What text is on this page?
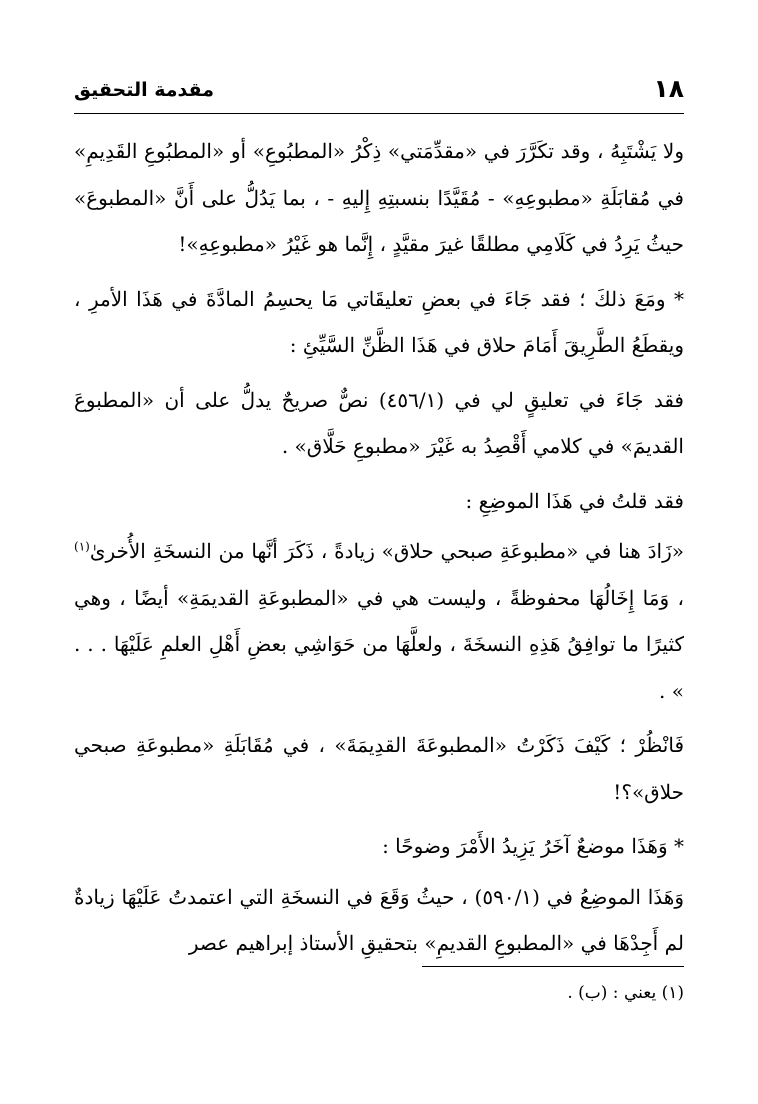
١٨
مقدمة التحقيق

ولا يَشْتَبِهُ ، وقد تكَرَّرَ في «مقدِّمَتي» ذِكْرُ «المطبُوعِ» أو «المطبُوعِ القَدِيمِ» في مُقابَلَةِ «مطبوعِهِ» - مُقَيَّدًا بنسبتِهِ إِليهِ - ، بما يَدُلُّ على أَنَّ «المطبوعَ» حيثُ يَرِدُ في كَلَامِي مطلقًا غيرَ مقيَّدٍ ، إِنَّما هو غَيْرُ «مطبوعِهِ»!

* ومَعَ ذلكَ ؛ فقد جَاءَ في بعضِ تعليقَاتي مَا يحسِمُ المادَّةَ في هَذَا الأمرِ ، ويقطَعُ الطَّرِيقَ أَمَامَ حلاق في هَذَا الظَّنِّ السَّيِّئِ :

فقد جَاءَ في تعليقٍ لي في (٤٥٦/١) نصٌّ صريحٌ يدلُّ على أن «المطبوعَ القديمَ» في كلامي أَقْصِدُ به غَيْرَ «مطبوعِ حَلَّاق» .

فقد قلتُ في هَذَا الموضِعِ :

«زَادَ هنا في «مطبوعَةِ صبحي حلاق» زيادةً ، ذَكَرَ أنَّها من النسخَةِ الأُخرىٰ$^{(١)}$ ، وَمَا إِخَالُهَا محفوظةً ، وليست هي في «المطبوعَةِ القديمَةِ» أيضًا ، وهي كثيرًا ما توافِقُ هَذِهِ النسخَةَ ، ولعلَّهَا من حَوَاشِي بعضِ أَهْلِ العلمِ عَلَيْهَا . . . » .

فَانْظُرْ ؛ كَيْفَ ذَكَرْتُ «المطبوعَةَ القدِيمَةَ» ، في مُقَابَلَةِ «مطبوعَةِ صبحي حلاق»؟!

* وَهَذَا موضعٌ آخَرُ يَزِيدُ الأَمْرَ وضوحًا :

وَهَذَا الموضِعُ في (٥٩٠/١) ، حيثُ وَقَعَ في النسخَةِ التي اعتمدتُ عَلَيْهَا زيادةٌ لم أَجِدْهَا في «المطبوعِ القديمِ» بتحقيقِ الأستاذ إبراهيم عصر

(١) يعني : (ب) .
